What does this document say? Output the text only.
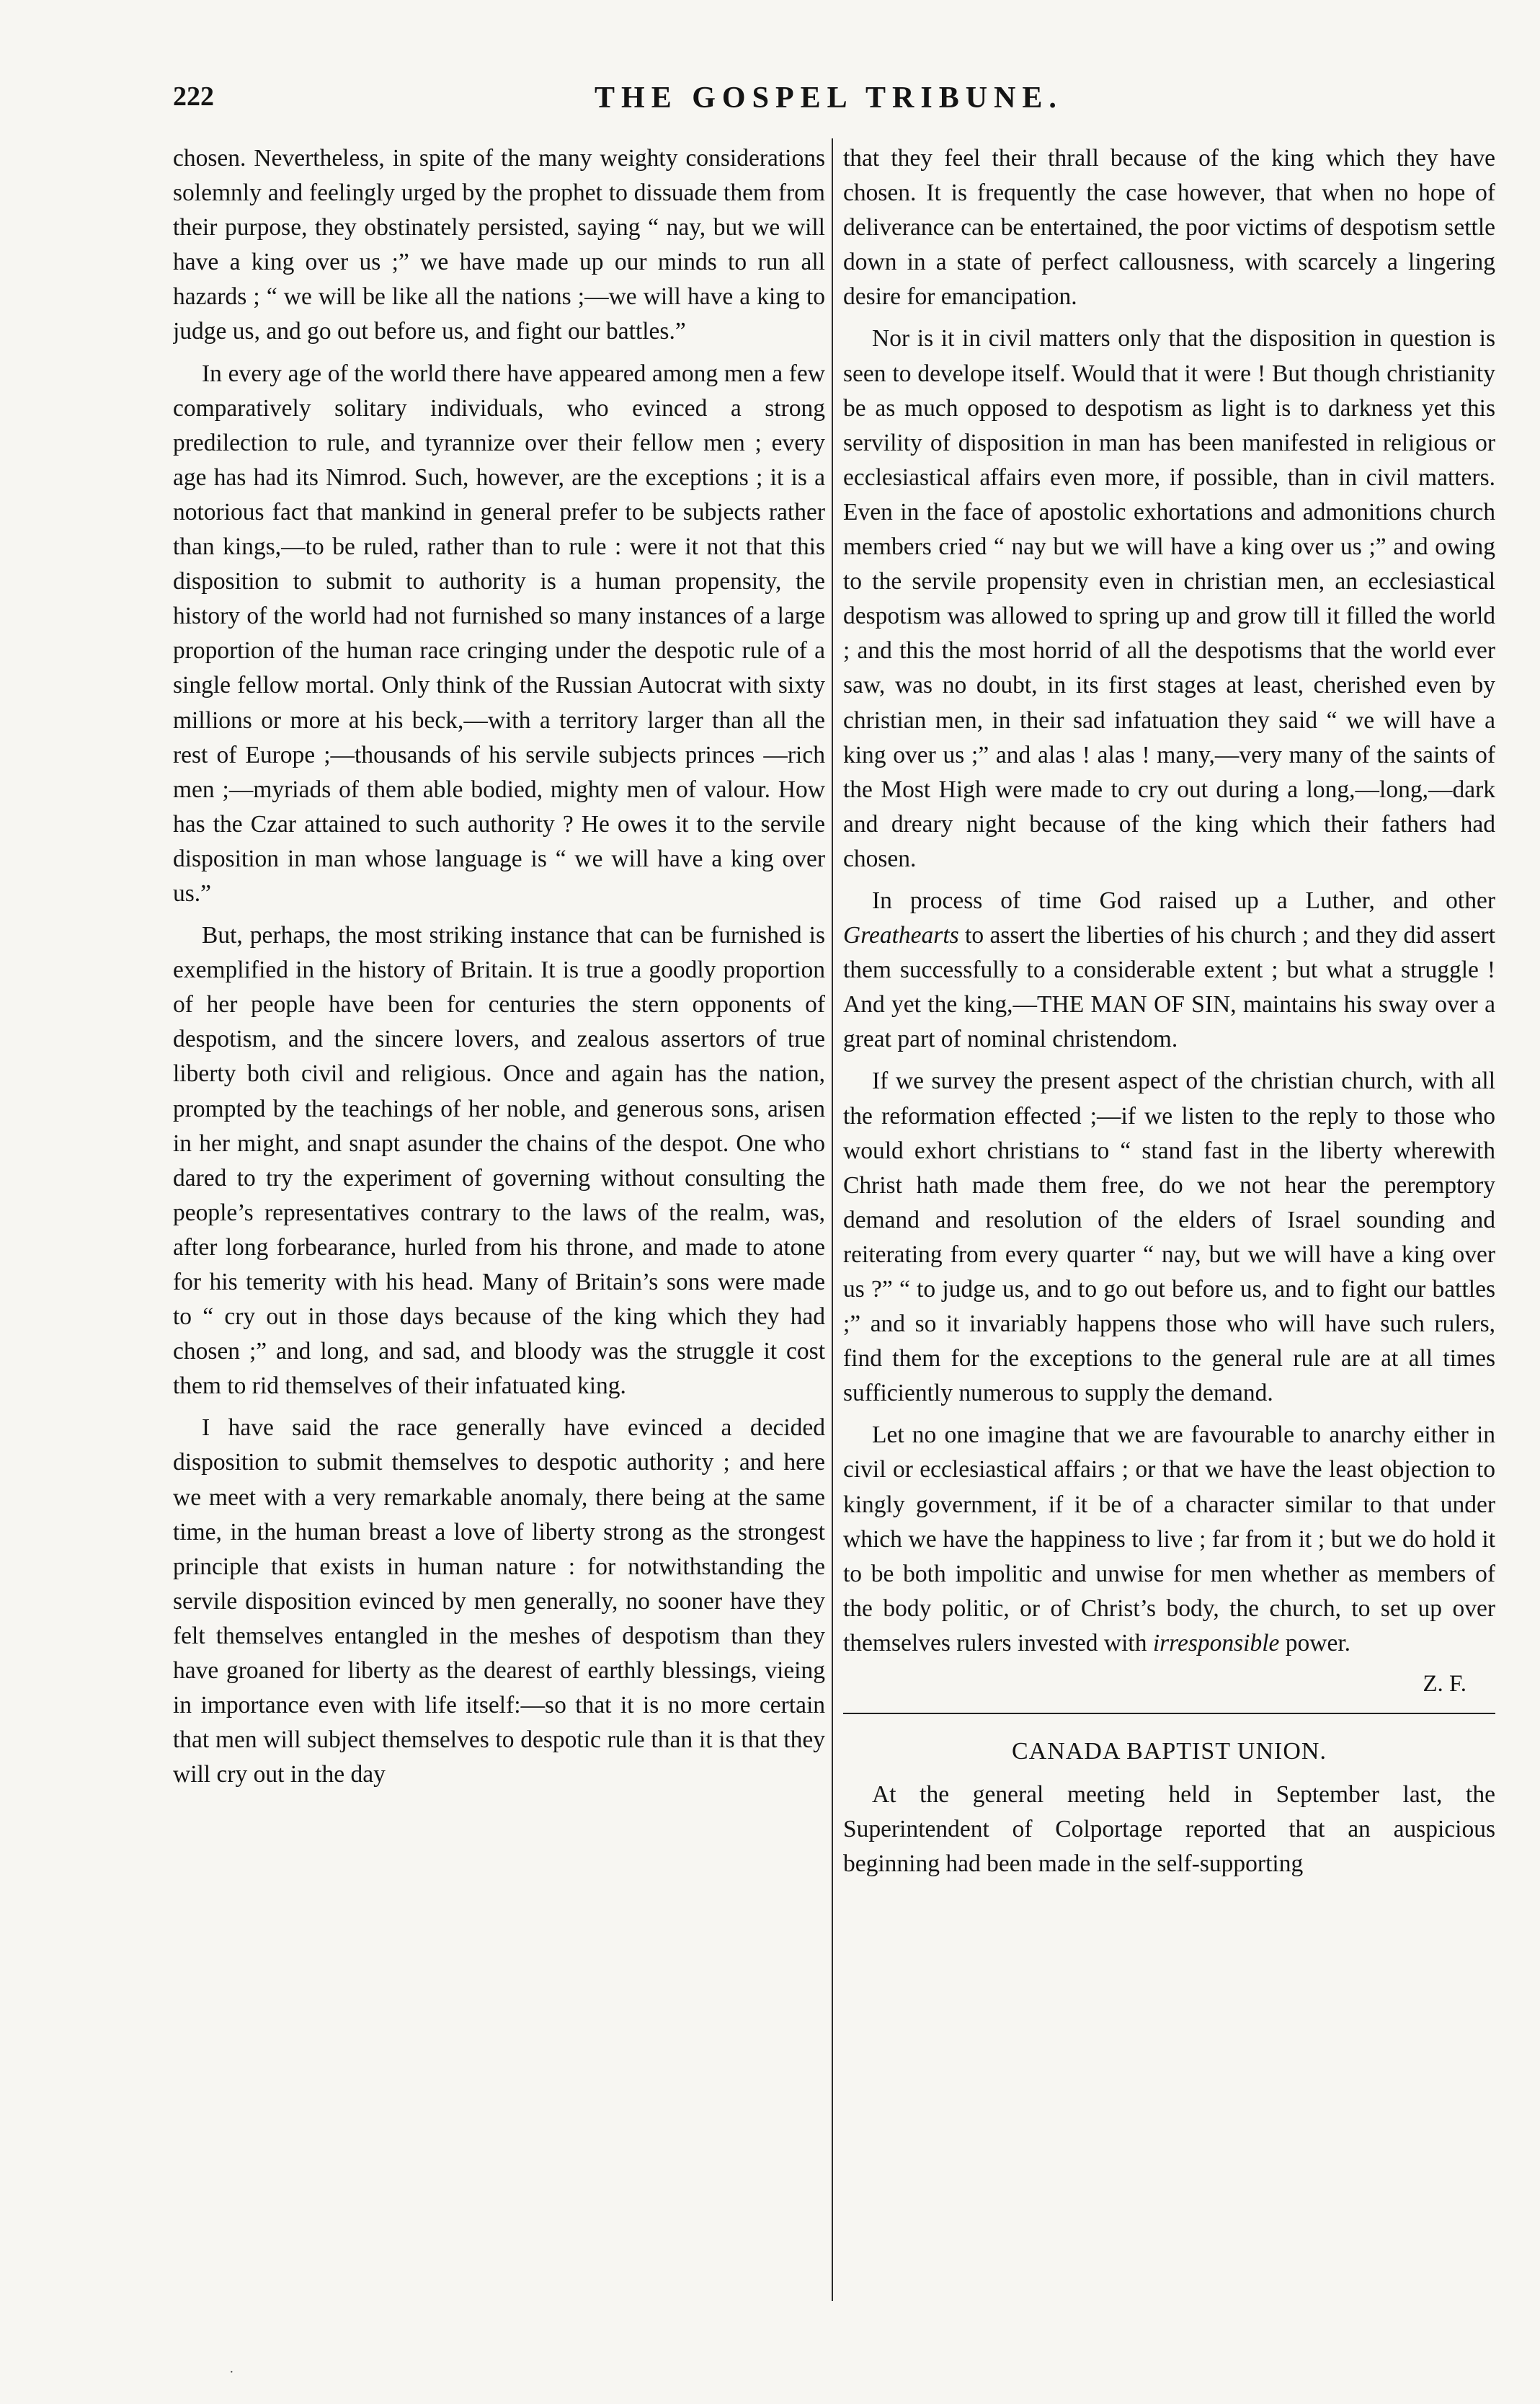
222	THE GOSPEL TRIBUNE.

chosen. Nevertheless, in spite of the many weighty considerations solemnly and feelingly urged by the prophet to dissuade them from their purpose, they obstinately persisted, saying “ nay, but we will have a king over us ;” we have made up our minds to run all hazards ; “ we will be like all the nations ;—we will have a king to judge us, and go out before us, and fight our battles.”

In every age of the world there have appeared among men a few comparatively solitary individuals, who evinced a strong predilection to rule, and tyrannize over their fellow men ; every age has had its Nimrod. Such, however, are the exceptions ; it is a notorious fact that mankind in general prefer to be subjects rather than kings,—to be ruled, rather than to rule : were it not that this disposition to submit to authority is a human propensity, the history of the world had not furnished so many instances of a large proportion of the human race cringing under the despotic rule of a single fellow mortal. Only think of the Russian Autocrat with sixty millions or more at his beck,—with a territory larger than all the rest of Europe ;—thousands of his servile subjects princes —rich men ;—myriads of them able bodied, mighty men of valour. How has the Czar attained to such authority ? He owes it to the servile disposition in man whose language is “ we will have a king over us.”

But, perhaps, the most striking instance that can be furnished is exemplified in the history of Britain. It is true a goodly proportion of her people have been for centuries the stern opponents of despotism, and the sincere lovers, and zealous assertors of true liberty both civil and religious. Once and again has the nation, prompted by the teachings of her noble, and generous sons, arisen in her might, and snapt asunder the chains of the despot. One who dared to try the experiment of governing without consulting the people’s representatives contrary to the laws of the realm, was, after long forbearance, hurled from his throne, and made to atone for his temerity with his head. Many of Britain’s sons were made to “ cry out in those days because of the king which they had chosen ;” and long, and sad, and bloody was the struggle it cost them to rid themselves of their infatuated king.

I have said the race generally have evinced a decided disposition to submit themselves to despotic authority ; and here we meet with a very remarkable anomaly, there being at the same time, in the human breast a love of liberty strong as the strongest principle that exists in human nature : for notwithstanding the servile disposition evinced by men generally, no sooner have they felt themselves entangled in the meshes of despotism than they have groaned for liberty as the dearest of earthly blessings, vieing in importance even with life itself:—so that it is no more certain that men will subject themselves to despotic rule than it is that they will cry out in the day

that they feel their thrall because of the king which they have chosen. It is frequently the case however, that when no hope of deliverance can be entertained, the poor victims of despotism settle down in a state of perfect callousness, with scarcely a lingering desire for emancipation.

Nor is it in civil matters only that the disposition in question is seen to develope itself. Would that it were ! But though christianity be as much opposed to despotism as light is to darkness yet this servility of disposition in man has been manifested in religious or ecclesiastical affairs even more, if possible, than in civil matters. Even in the face of apostolic exhortations and admonitions church members cried “ nay but we will have a king over us ;” and owing to the servile propensity even in christian men, an ecclesiastical despotism was allowed to spring up and grow till it filled the world ; and this the most horrid of all the despotisms that the world ever saw, was no doubt, in its first stages at least, cherished even by christian men, in their sad infatuation they said “ we will have a king over us ;” and alas ! alas ! many,—very many of the saints of the Most High were made to cry out during a long,—long,—dark and dreary night because of the king which their fathers had chosen.

In process of time God raised up a Luther, and other Greathearts to assert the liberties of his church ; and they did assert them successfully to a considerable extent ; but what a struggle ! And yet the king,—THE MAN OF SIN, maintains his sway over a great part of nominal christendom.

If we survey the present aspect of the christian church, with all the reformation effected ;—if we listen to the reply to those who would exhort christians to “ stand fast in the liberty wherewith Christ hath made them free, do we not hear the peremptory demand and resolution of the elders of Israel sounding and reiterating from every quarter “ nay, but we will have a king over us ?” “ to judge us, and to go out before us, and to fight our battles ;” and so it invariably happens those who will have such rulers, find them for the exceptions to the general rule are at all times sufficiently numerous to supply the demand.

Let no one imagine that we are favourable to anarchy either in civil or ecclesiastical affairs ; or that we have the least objection to kingly government, if it be of a character similar to that under which we have the happiness to live ; far from it ; but we do hold it to be both impolitic and unwise for men whether as members of the body politic, or of Christ’s body, the church, to set up over themselves rulers invested with irresponsible power.

Z. F.
CANADA BAPTIST UNION.

At the general meeting held in September last, the Superintendent of Colportage reported that an auspicious beginning had been made in the self-supporting

·
